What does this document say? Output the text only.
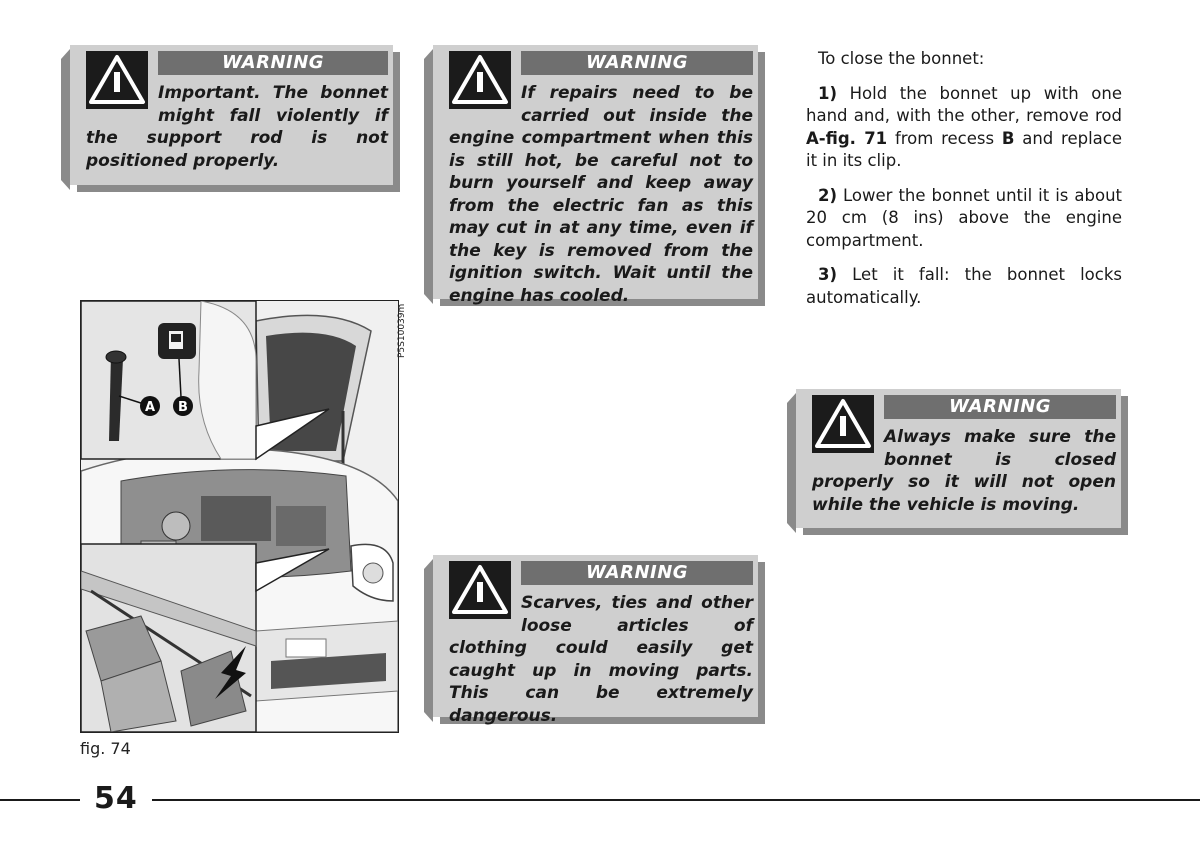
WARNING
Important. The bonnet might fall violently if the support rod is not positioned properly.
WARNING
If repairs need to be carried out inside the engine compartment when this is still hot, be careful not to burn yourself and keep away from the electric fan as this may cut in at any time, even if the key is removed from the ignition switch. Wait until the engine has cooled.
WARNING
Scarves, ties and other loose articles of clothing could easily get caught up in moving parts. This can be extremely dangerous.
WARNING
Always make sure the bonnet is closed properly so it will not open while the vehicle is moving.

To close the bonnet:

1) Hold the bonnet up with one hand and, with the other, remove rod A-fig. 71 from recess B and replace it in its clip.

2) Lower the bonnet until it is about 20 cm (8 ins) above the engine compartment.

3) Let it fall: the bonnet locks automatically.

A B
P5S10039m
fig. 74
54
